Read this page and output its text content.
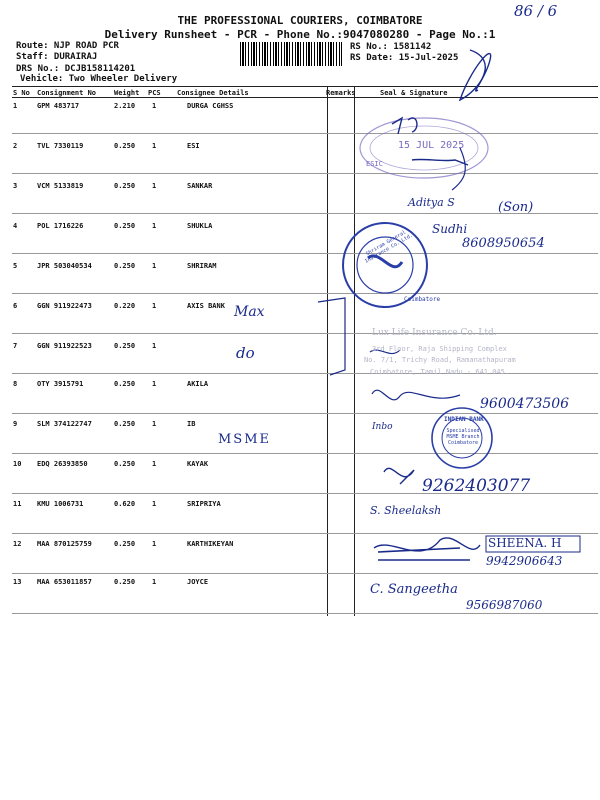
THE PROFESSIONAL COURIERS, COIMBATORE
Delivery Runsheet - PCR - Phone No.:9047080280 - Page No.:1
Route: NJP ROAD PCR
Staff: DURAIRAJ
DRS No.: DCJB158114201
Vehicle: Two Wheeler Delivery
RS No.: 1581142
RS Date: 15-Jul-2025
86 / 6
S No Consignment No	Weight PCS Consignee Details	Remarks	Seal & Signature
1	GPM 483717	2.210 1	DURGA CGHSS
2	TVL 7330119	0.250 1	ESI
3	VCM 5133819	0.250 1	SANKAR
4	POL 1716226	0.250 1	SHUKLA
5	JPR 503040534	0.250 1	SHRIRAM
6	GGN 911922473	0.220 1	AXIS BANK
7	GGN 911922523	0.250 1
8	OTY 3915791	0.250 1	AKILA
9	SLM 374122747	0.250 1	IB
10 EDQ 26393850	0.250 1	KAYAK
11 KMU 1006731	0.620 1	SRIPRIYA
12 MAA 870125759	0.250 1	KARTHIKEYAN
13 MAA 653011857	0.250 1	JOYCE
15 JUL 2025
ESIC
Shriram General Insurance Co. Ltd.
Coimbatore
Lux Life Insurance Co. Ltd.
3rd Floor, Raja Shipping Complex
No. 7/1, Trichy Road, Ramanathapuram
Coimbatore, Tamil Nadu - 641 045.
INDIAN BANK
Specialised MSME Branch Coimbatore
Max
do
MSME
Aditya S	(Son)
Sudhi
8608950654
9600473506
Inbo
9262403077
S. Sheelaksh
SHEENA. H
9942906643
C. Sangeetha
9566987060
